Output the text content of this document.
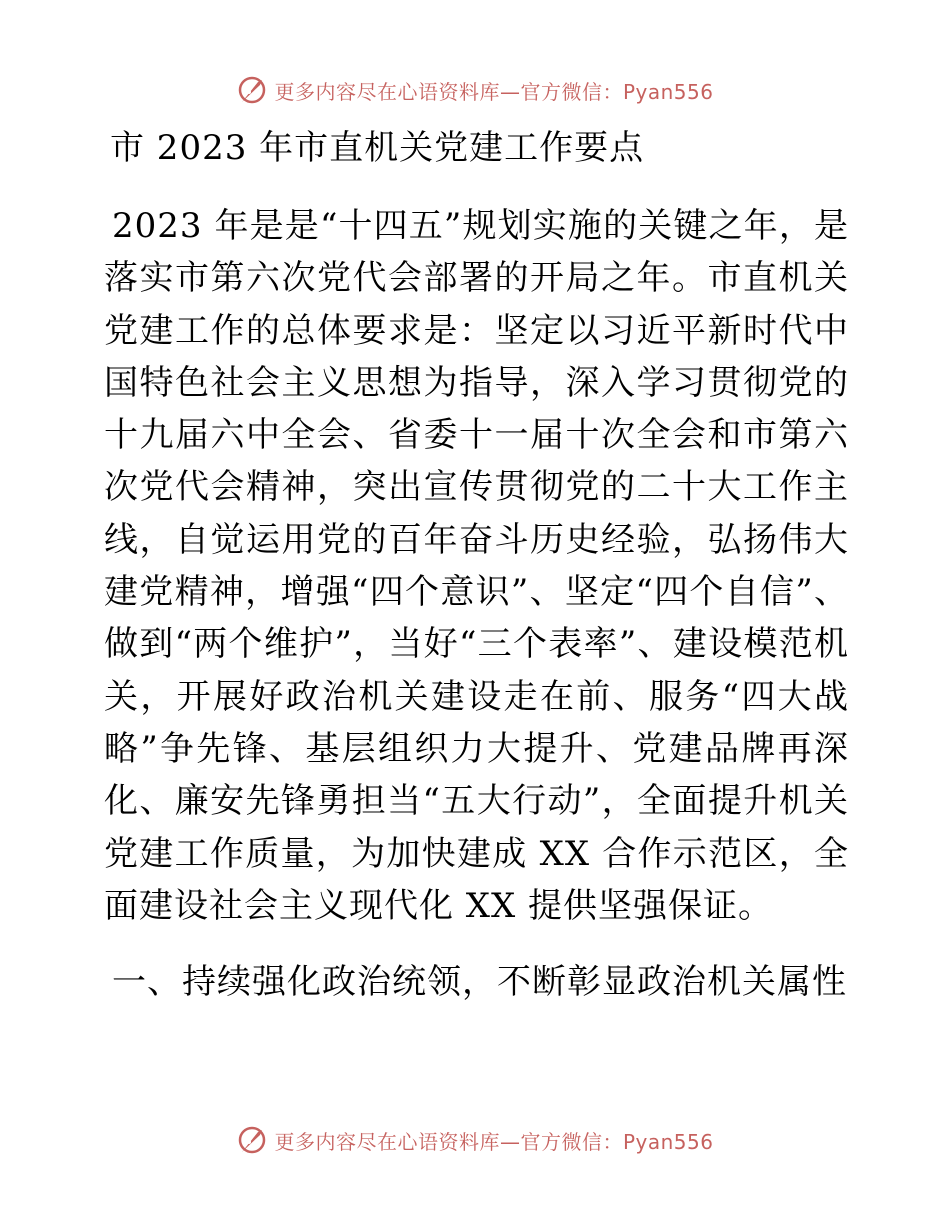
更多内容尽在心语资料库—官方微信：Pyan556
市 2023 年市直机关党建工作要点

2023 年是是“十四五”规划实施的关键之年，是落实市第六次党代会部署的开局之年。市直机关党建工作的总体要求是：坚定以习近平新时代中国特色社会主义思想为指导，深入学习贯彻党的十九届六中全会、省委十一届十次全会和市第六次党代会精神，突出宣传贯彻党的二十大工作主线，自觉运用党的百年奋斗历史经验，弘扬伟大建党精神，增强“四个意识”、坚定“四个自信”、做到“两个维护”，当好“三个表率”、建设模范机关，开展好政治机关建设走在前、服务“四大战略”争先锋、基层组织力大提升、党建品牌再深化、廉安先锋勇担当“五大行动”，全面提升机关党建工作质量，为加快建成 XX 合作示范区，全面建设社会主义现代化 XX 提供坚强保证。

一、持续强化政治统领，不断彰显政治机关属性
更多内容尽在心语资料库—官方微信：Pyan556
